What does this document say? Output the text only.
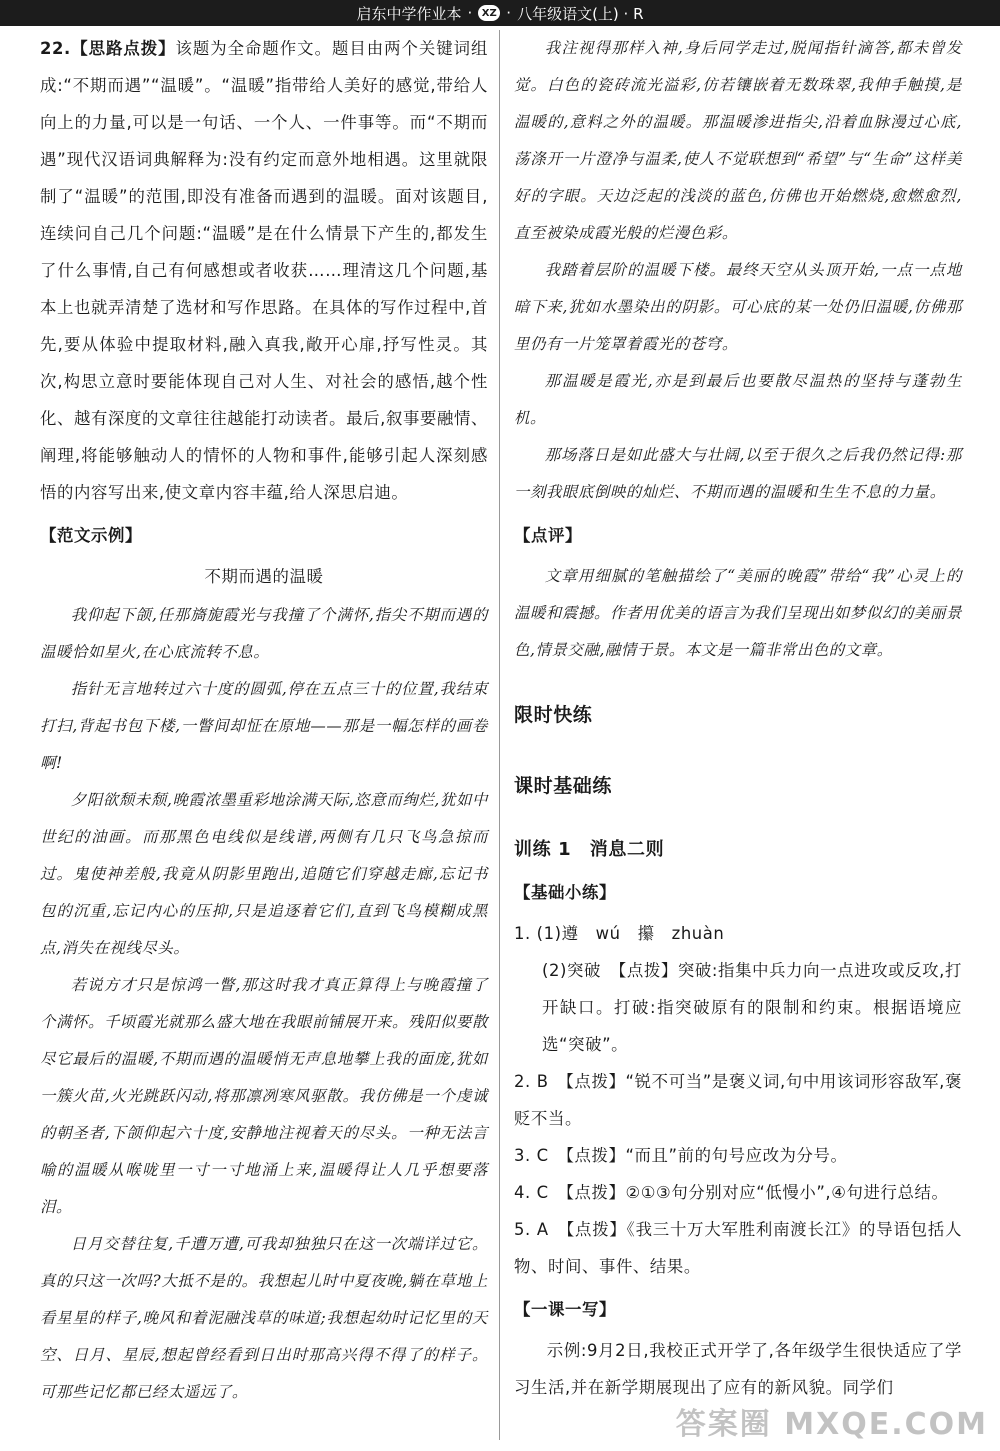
启东中学作业本 · XZ · 八年级语文(上) · R

22.【思路点拨】该题为全命题作文。题目由两个关键词组成:“不期而遇”“温暖”。“温暖”指带给人美好的感觉,带给人向上的力量,可以是一句话、一个人、一件事等。而“不期而遇”现代汉语词典解释为:没有约定而意外地相遇。这里就限制了“温暖”的范围,即没有准备而遇到的温暖。面对该题目,连续问自己几个问题:“温暖”是在什么情景下产生的,都发生了什么事情,自己有何感想或者收获……理清这几个问题,基本上也就弄清楚了选材和写作思路。在具体的写作过程中,首先,要从体验中提取材料,融入真我,敞开心扉,抒写性灵。其次,构思立意时要能体现自己对人生、对社会的感悟,越个性化、越有深度的文章往往越能打动读者。最后,叙事要融情、阐理,将能够触动人的情怀的人物和事件,能够引起人深刻感悟的内容写出来,使文章内容丰蕴,给人深思启迪。

【范文示例】
不期而遇的温暖

我仰起下颌,任那旖旎霞光与我撞了个满怀,指尖不期而遇的温暖恰如星火,在心底流转不息。

指针无言地转过六十度的圆弧,停在五点三十的位置,我结束打扫,背起书包下楼,一瞥间却怔在原地——那是一幅怎样的画卷啊!

夕阳欲颓未颓,晚霞浓墨重彩地涂满天际,恣意而绚烂,犹如中世纪的油画。而那黑色电线似是线谱,两侧有几只飞鸟急掠而过。鬼使神差般,我竟从阴影里跑出,追随它们穿越走廊,忘记书包的沉重,忘记内心的压抑,只是追逐着它们,直到飞鸟模糊成黑点,消失在视线尽头。

若说方才只是惊鸿一瞥,那这时我才真正算得上与晚霞撞了个满怀。千顷霞光就那么盛大地在我眼前铺展开来。残阳似要散尽它最后的温暖,不期而遇的温暖悄无声息地攀上我的面庞,犹如一簇火苗,火光跳跃闪动,将那凛冽寒风驱散。我仿佛是一个虔诚的朝圣者,下颌仰起六十度,安静地注视着天的尽头。一种无法言喻的温暖从喉咙里一寸一寸地涌上来,温暖得让人几乎想要落泪。

日月交替往复,千遭万遭,可我却独独只在这一次端详过它。真的只这一次吗?大抵不是的。我想起儿时中夏夜晚,躺在草地上看星星的样子,晚风和着泥融浅草的味道;我想起幼时记忆里的天空、日月、星辰,想起曾经看到日出时那高兴得不得了的样子。可那些记忆都已经太遥远了。

我注视得那样入神,身后同学走过,脱闻指针滴答,都未曾发觉。白色的瓷砖流光溢彩,仿若镶嵌着无数珠翠,我伸手触摸,是温暖的,意料之外的温暖。那温暖渗进指尖,沿着血脉漫过心底,荡涤开一片澄净与温柔,使人不觉联想到“希望”与“生命”这样美好的字眼。天边泛起的浅淡的蓝色,仿佛也开始燃烧,愈燃愈烈,直至被染成霞光般的烂漫色彩。

我踏着层阶的温暖下楼。最终天空从头顶开始,一点一点地暗下来,犹如水墨染出的阴影。可心底的某一处仍旧温暖,仿佛那里仍有一片笼罩着霞光的苍穹。

那温暖是霞光,亦是到最后也要散尽温热的坚持与蓬勃生机。

那场落日是如此盛大与壮阔,以至于很久之后我仍然记得:那一刻我眼底倒映的灿烂、不期而遇的温暖和生生不息的力量。

【点评】

文章用细腻的笔触描绘了“美丽的晚霞”带给“我”心灵上的温暖和震撼。作者用优美的语言为我们呈现出如梦似幻的美丽景色,情景交融,融情于景。本文是一篇非常出色的文章。

限时快练
课时基础练
训练 1　消息二则
【基础小练】

1. (1)遵　wú　攥　zhuàn

(2)突破　【点拨】突破:指集中兵力向一点进攻或反攻,打开缺口。打破:指突破原有的限制和约束。根据语境应选“突破”。

2. B　【点拨】“锐不可当”是褒义词,句中用该词形容敌军,褒贬不当。

3. C　【点拨】“而且”前的句号应改为分号。

4. C　【点拨】②①③句分别对应“低慢小”,④句进行总结。

5. A　【点拨】《我三十万大军胜利南渡长江》的导语包括人物、时间、事件、结果。

【一课一写】

示例:9月2日,我校正式开学了,各年级学生很快适应了学习生活,并在新学期展现出了应有的新风貌。同学们

答案圈 MXQE.COM
